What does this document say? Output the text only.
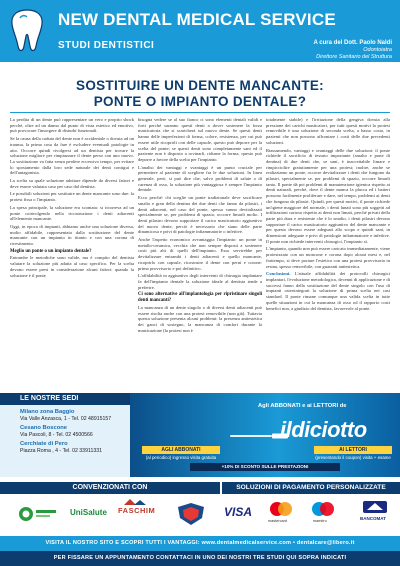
NEW DENTAL MEDICAL SERVICE
STUDI DENTISTICI	A cura del Dott. Paolo Naldi
Odontoiatra
Direttore Sanitario del Struttura
SOSTITUIRE UN DENTE MANCANTE:
PONTE O IMPIANTO DENTALE?

La perdita di un dente può rappresentare un vero e proprio shock perché, oltre ad un danno dal punto di vista estetico ed emotivo, può provocare l'insorgere di disturbi funzionali.

Se la causa della caduta del dente non è accidentale o dovuta ad un trauma, la prima cosa da fare è escludere eventuali patologie in atto. Occorre quindi rivolgersi ad un dentista per trovare la soluzione migliore per rimpiazzare il dente perso con uno nuovo. La sostituzione va fatta senza perdere eccessivo tempo, per evitare lo spostamento dalla loro sede naturale dei denti contigui e dell'antagonista.

La scelta su quale soluzione adottare dipende da diversi fattori e deve essere valutata caso per caso dal dentista.

Le possibili soluzioni per sostituire un dente mancante sono due: la protesi fissa o l'impianto.

La spesa principale, la soluzione era scontata: si ricorreva ad un ponte coinvolgendo nella ricostruzione i denti adiacenti all'elemento mancante.

Oggi, in epoca di impianti, abbiamo anche una soluzione diversa, molto affidabile, rappresentata dalla sostituzione del dente mancante con un impianto in titanio e con una corona di rivestimento.

Meglio un ponte o un impianto dentale?

Entrambe le metodiche sono valide, ma è compito del dentista valutare la soluzione più adatta al caso specifico. Per la scelta devono essere presi in considerazione alcuni fattori: quando la soluzione è il ponte

bisogna vedere se al suo fianco ci sono elementi dentali validi e forti perché saranno questi denti a dover sostenere la forza masticatoria che si scaricherà sul nuovo dente. Se questi denti hanno delle imperfezioni di forma, colore, resistenza, per cui può essere utile ricoprirli con delle capsule, questo può deporre per la scelta del ponte; se questi denti sono completamente sani ed il paziente non è disposto a rovinarli, ridurne la forma, questo può deporre a favore della scelta per l'impianto.

L'analisi dei vantaggi e svantaggi è un punto cruciale per permettere al paziente di scegliere fra le due soluzioni. In linea generale, però, si può dire che, salvo problemi di salute o di carenza di osso, la soluzione più vantaggiosa è sempre l'impianto dentale.

Ecco perché: chi sceglie un ponte tradizionale deve sacrificare smalto e gran della dentina dei due denti che fanno da pilastri, i denti adiacenti, nel caso del ponte, spesso vanno devitalizzati specialmente se, per problemi di spazio, occorre limarli molto. I denti pilastro devono supportare il carico masticatorio aggiuntivo del nuovo dente, perciò è necessario che siano delle parte dinamicosa e privi di patologie infiammatorie o infettive.

Anche l'aspetto economico avvantaggia l'impianto: un ponte in metallo-ceramica, vecchia che non sempre disposti a sostenere costi più alti di quelli dell'impianto. Esso servirebbe per devitalizzare entrambi i denti adiacenti e quello mancante, ricoprirlo con capsule, ricostruire il dente con perni e corone: primo provvisorio e poi definitivo.

L'affidabilità in aggiuntivo degli interventi di chirurgia implantare fa dell'impianto dentale la soluzione ideale al dentista tende a preferire.

Ci sono alternative all'implantologia per ripristinare singoli denti mancanti?

La mancanza di un dente singolo o di diversi denti adiacenti può essere risolta anche con una protesi removibile (non già). Tuttavia questa soluzione presenta alcuni problemi: la presenza antiestetica dei ganci di sostegno, la mancanza di comfort durante la masticazione (la protesi non è

totalmente stabile) e l'irritazione della gengiva dovuta alla pressione dei carichi masticatori, per tutti questi motivi la protesi removibile è una soluzione di seconda scelta, a basso costo, in pazienti che non possono affrontare i costi delle due precedenti soluzioni.

Riassumendo, vantaggi e svantaggi delle due soluzioni: il ponte richiede il sacrificio di tessuto importante (smalto e parte di dentina) di due denti che, se sani, è inaccettabile limare e rimpicciolire gratuitamente per una protesi; inoltre, anche se realizziamo un ponte, occorre devitalizzare i denti che fungono da pilastri, specialmente se, per problemi di spazio, occorre limarli tanto. Il ponte dà poi problemi di manutenzione igienica rispetto ai denti naturali, perché, dove il dente manca la placca ed i batteri possono facilmente proliferare e dare, nel tempo, problemi ai denti che fungono da pilastri. Quindi, per questi motivi, il ponte richiede un'igiene maggiore del normale, i denti lunati sono più soggetti ad infiltrazioni carioso rispetto ai denti non limati, perché privati della parte più dura e resistente che è lo smalto, i denti pilastri devono supportare il carico masticatorio aggiuntivo del dente mancante e per questo devono essere adeguati allo scopo e quindi sani, in dimensioni adeguate e privi di patologie infiammatorie e infettive. Il ponte non richiede interventi chirurgici, l'impianto sì.

L'impianto, quando non può essere caricato immediatamente, viene protesizzato con un moncone e corona dopo alcuni mesi e, nel frattempo, si deve portare l'estetica con una protesi provvisoria in resina, spesso removibile, con guaranti antiestetica.

Conclusioni. L'attuale affidabilità dei protocolli chirurgici implantari, l'evoluzione metodologica, decenni di applicazione e di successi fanno della sostituzione del dente singolo con l'uso di impianti osteointegrati la soluzione di prima scelta nei casi standard. Il ponte rimane comunque una valida scelta in tutte quelle situazioni in cui la mancanza di osso od il rapporto costi benefici non, a giudizio del dentista, favorevole al ponte.

LE NOSTRE SEDI
Milano zona Baggio
Via Valle Anzasca, 1 - Tel. 02 48915157
Cesano Boscone
Via Pascoli, 8 - Tel. 02 4500566
Cerchiate di Pero
Piazza Roma , 4 - Tel. 02 33911331
Agli ABBONATI e ai LETTORI de
ildiciotto
AGLI ABBONATI	AI LETTORI
(al periodico) ingresso visita gratuita	(presentando il coupon) visita + esame
+10% DI SCONTO SULLE PRESTAZIONI
CONVENZIONATI CON	SOLUZIONI DI PAGAMENTO PERSONALIZZATE
UniSalute FASCHIM	VISA
mastercard	maestro	BANCOMAT
VISITA IL NOSTRO SITO E SCOPRI TUTTI I VANTAGGI: www.dentalmedicalservice.com • dentalcare@libero.it
PER FISSARE UN APPUNTAMENTO CONTATTACI IN UNO DEI NOSTRI TRE STUDI QUI SOPRA INDICATI
